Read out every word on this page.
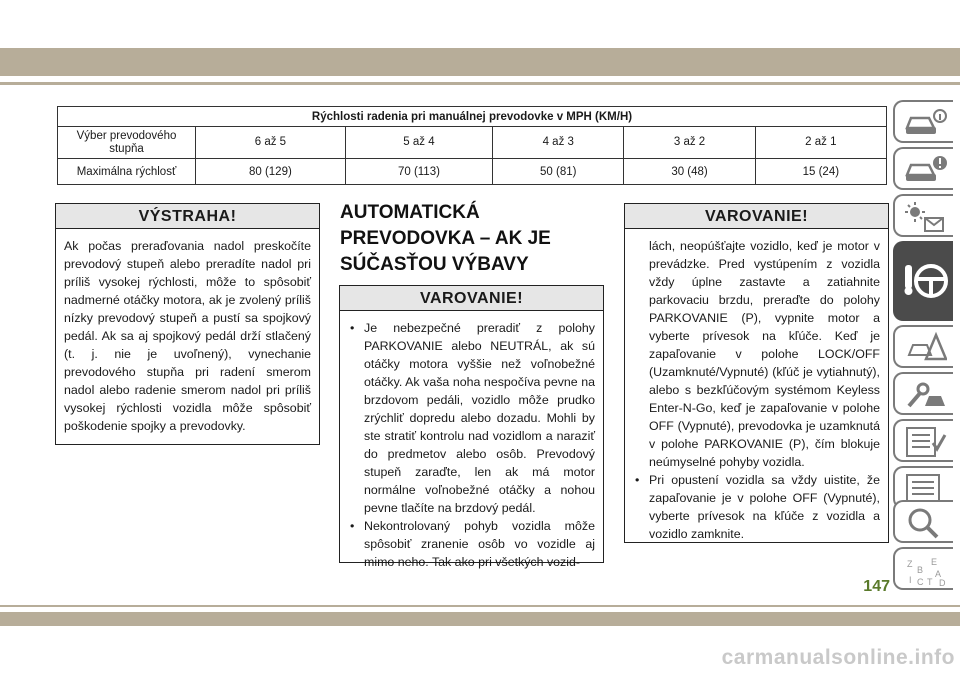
Rýchlosti radenia pri manuálnej prevodovke v MPH (KM/H)					
Výber prevodového stupňa	6 až 5	5 až 4	4 až 3	3 až 2	2 až 1
Maximálna rýchlosť	80 (129)	70 (113)	50 (81)	30 (48)	15 (24)
VÝSTRAHA!
Ak počas preraďovania nadol preskočíte prevodový stupeň alebo preradíte nadol pri príliš vysokej rýchlosti, môže to spôsobiť nadmerné otáčky motora, ak je zvolený príliš nízky prevodový stupeň a pustí sa spojkový pedál. Ak sa aj spojkový pedál drží stlačený (t. j. nie je uvoľnený), vynechanie prevodového stupňa pri radení smerom nadol alebo radenie smerom nadol pri príliš vysokej rýchlosti vozidla môže spôsobiť poškodenie spojky a prevodovky.
AUTOMATICKÁ PREVODOVKA – AK JE SÚČASŤOU VÝBAVY
VAROVANIE!
• Je nebezpečné preradiť z polohy PARKOVANIE alebo NEUTRÁL, ak sú otáčky motora vyššie než voľnobežné otáčky. Ak vaša noha nespočíva pevne na brzdovom pedáli, vozidlo môže prudko zrýchliť dopredu alebo dozadu. Mohli by ste stratiť kontrolu nad vozidlom a naraziť do predmetov alebo osôb. Prevodový stupeň zaraďte, len ak má motor normálne voľnobežné otáčky a nohou pevne tlačíte na brzdový pedál.
• Nekontrolovaný pohyb vozidla môže spôsobiť zranenie osôb vo vozidle aj mimo neho. Tak ako pri všetkých vozid-
VAROVANIE!
lách, neopúšťajte vozidlo, keď je motor v prevádzke. Pred vystúpením z vozidla vždy úplne zastavte a zatiahnite parkovaciu brzdu, preraďte do polohy PARKOVANIE (P), vypnite motor a vyberte prívesok na kľúče. Keď je zapaľovanie v polohe LOCK/OFF (Uzamknuté/Vypnuté) (kľúč je vytiahnutý), alebo s bezkľúčovým systémom Keyless Enter-N-Go, keď je zapaľovanie v polohe OFF (Vypnuté), prevodovka je uzamknutá v polohe PARKOVANIE (P), čím blokuje neúmyselné pohyby vozidla.
• Pri opustení vozidla sa vždy uistite, že zapaľovanie je v polohe OFF (Vypnuté), vyberte prívesok na kľúče z vozidla a vozidlo zamknite.
Z
B
E
A
I C T D
147
carmanualsonline.info
